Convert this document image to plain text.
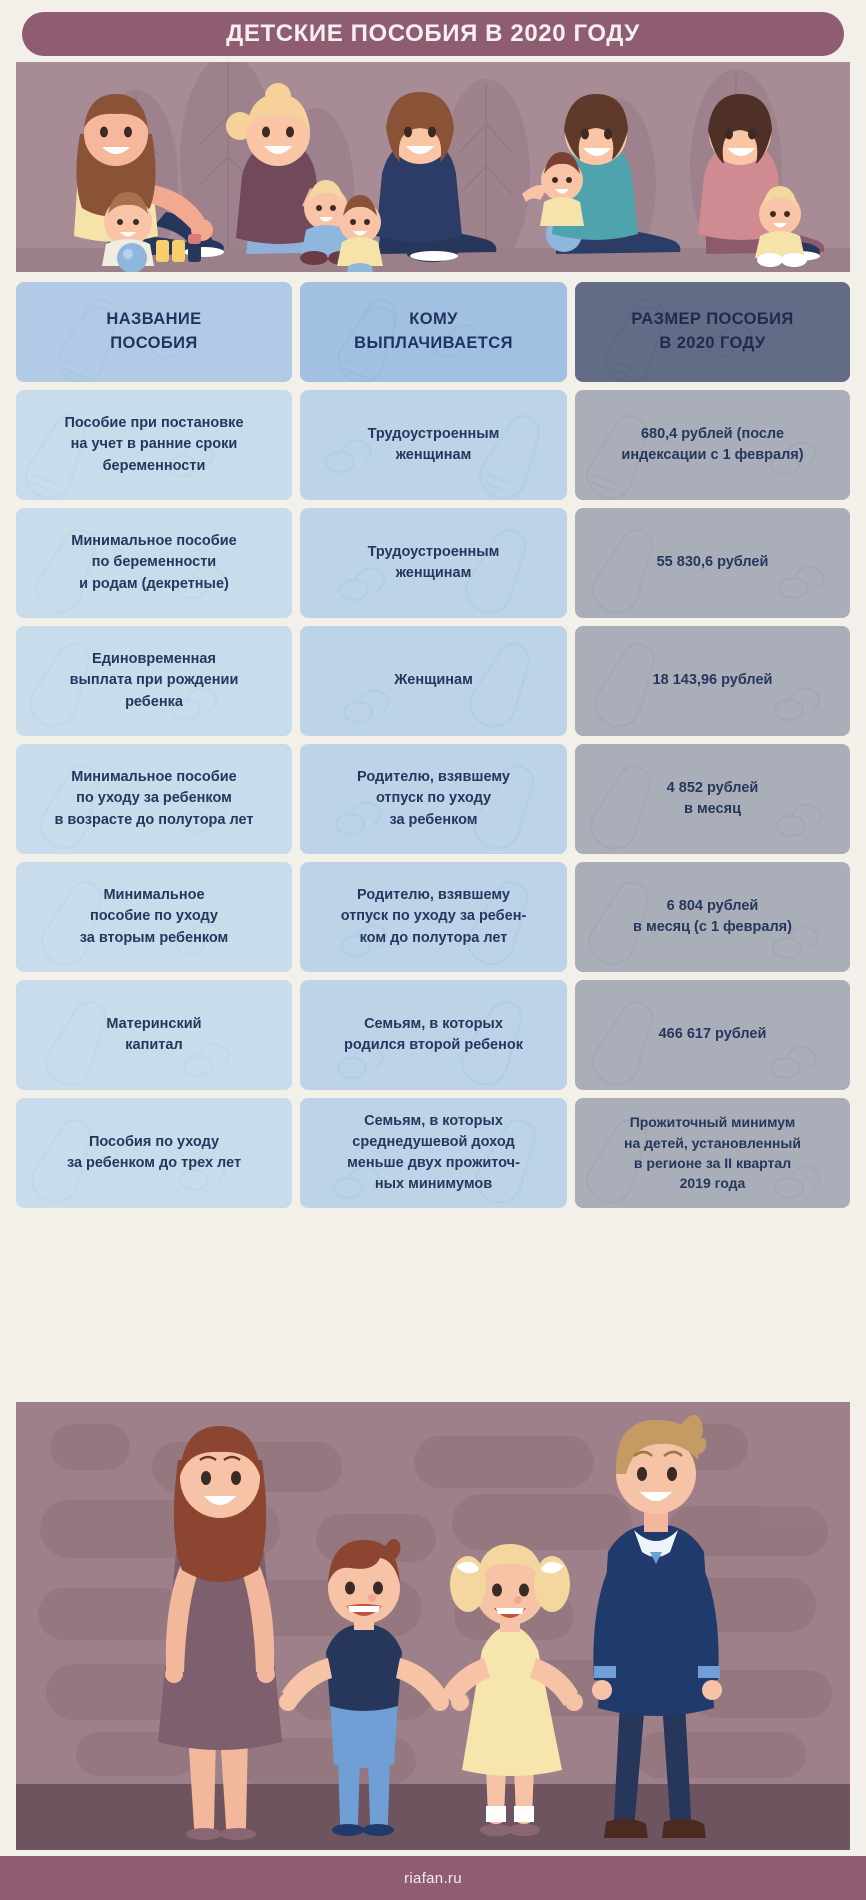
ДЕТСКИЕ ПОСОБИЯ В 2020 ГОДУ
НАЗВАНИЕ
ПОСОБИЯ
КОМУ
ВЫПЛАЧИВАЕТСЯ
РАЗМЕР ПОСОБИЯ
В 2020 ГОДУ
Пособие при постановке
на учет в ранние сроки
беременности
Трудоустроенным
женщинам
680,4 рублей (после
индексации с 1 февраля)
Минимальное пособие
по беременности
и родам (декретные)
Трудоустроенным
женщинам
55 830,6 рублей
Единовременная
выплата при рождении
ребенка
Женщинам	18 143,96 рублей
Минимальное пособие
по уходу за ребенком
в возрасте до полутора лет
Родителю, взявшему
отпуск по уходу
за ребенком
4 852 рублей
в месяц
Минимальное
пособие по уходу
за вторым ребенком
Родителю, взявшему
отпуск по уходу за ребен-
ком до полутора лет
6 804 рублей
в месяц (с 1 февраля)
Материнский
капитал
Семьям, в которых
родился второй ребенок
466 617 рублей
Пособия по уходу
за ребенком до трех лет
Семьям, в которых
среднедушевой доход
меньше двух прожиточ-
ных минимумов
Прожиточный минимум
на детей, установленный
в регионе за II квартал
2019 года
riafan.ru
